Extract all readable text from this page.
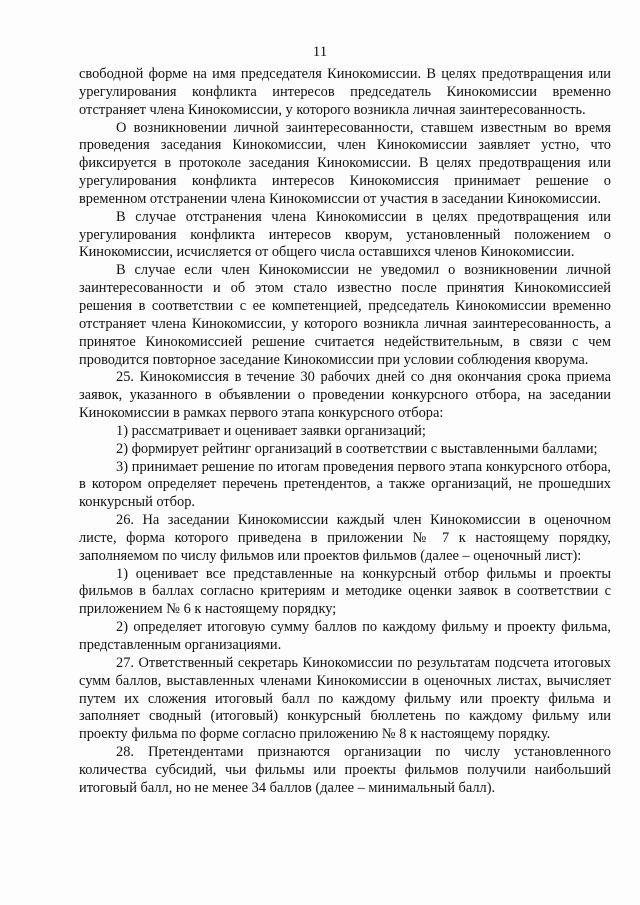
11

свободной форме на имя председателя Кинокомиссии. В целях предотвращения или урегулирования конфликта интересов председатель Кинокомиссии временно отстраняет члена Кинокомиссии, у которого возникла личная заинтересованность.

О возникновении личной заинтересованности, ставшем известным во время проведения заседания Кинокомиссии, член Кинокомиссии заявляет устно, что фиксируется в протоколе заседания Кинокомиссии. В целях предотвращения или урегулирования конфликта интересов Кинокомиссия принимает решение о временном отстранении члена Кинокомиссии от участия в заседании Кинокомиссии.

В случае отстранения члена Кинокомиссии в целях предотвращения или урегулирования конфликта интересов кворум, установленный положением о Кинокомиссии, исчисляется от общего числа оставшихся членов Кинокомиссии.

В случае если член Кинокомиссии не уведомил о возникновении личной заинтересованности и об этом стало известно после принятия Кинокомиссией решения в соответствии с ее компетенцией, председатель Кинокомиссии временно отстраняет члена Кинокомиссии, у которого возникла личная заинтересованность, а принятое Кинокомиссией решение считается недействительным, в связи с чем проводится повторное заседание Кинокомиссии при условии соблюдения кворума.

25. Кинокомиссия в течение 30 рабочих дней со дня окончания срока приема заявок, указанного в объявлении о проведении конкурсного отбора, на заседании Кинокомиссии в рамках первого этапа конкурсного отбора:

1) рассматривает и оценивает заявки организаций;

2) формирует рейтинг организаций в соответствии с выставленными баллами;

3) принимает решение по итогам проведения первого этапа конкурсного отбора, в котором определяет перечень претендентов, а также организаций, не прошедших конкурсный отбор.

26. На заседании Кинокомиссии каждый член Кинокомиссии в оценочном листе, форма которого приведена в приложении № 7 к настоящему порядку, заполняемом по числу фильмов или проектов фильмов (далее – оценочный лист):

1) оценивает все представленные на конкурсный отбор фильмы и проекты фильмов в баллах согласно критериям и методике оценки заявок в соответствии с приложением № 6 к настоящему порядку;

2) определяет итоговую сумму баллов по каждому фильму и проекту фильма, представленным организациями.

27. Ответственный секретарь Кинокомиссии по результатам подсчета итоговых сумм баллов, выставленных членами Кинокомиссии в оценочных листах, вычисляет путем их сложения итоговый балл по каждому фильму или проекту фильма и заполняет сводный (итоговый) конкурсный бюллетень по каждому фильму или проекту фильма по форме согласно приложению № 8 к настоящему порядку.

28. Претендентами признаются организации по числу установленного количества субсидий, чьи фильмы или проекты фильмов получили наибольший итоговый балл, но не менее 34 баллов (далее – минимальный балл).
